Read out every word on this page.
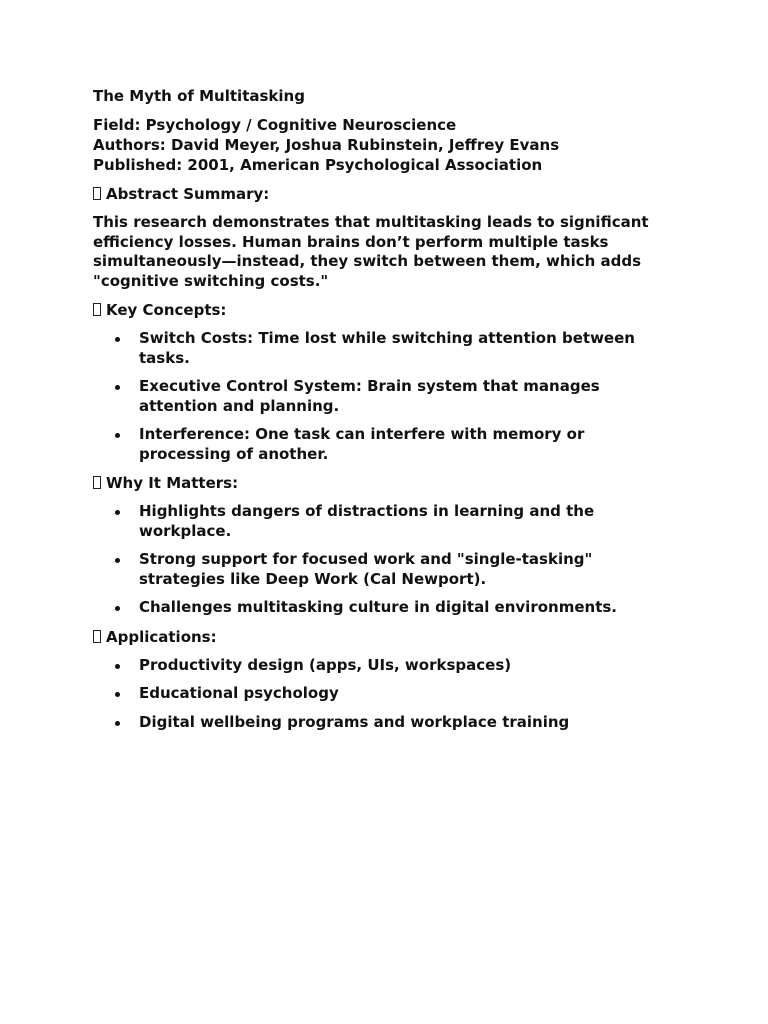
The Myth of Multitasking
Field: Psychology / Cognitive Neuroscience
Authors: David Meyer, Joshua Rubinstein, Jeffrey Evans
Published: 2001, American Psychological Association
Abstract Summary:
This research demonstrates that multitasking leads to significant efficiency losses. Human brains don’t perform multiple tasks simultaneously—instead, they switch between them, which adds "cognitive switching costs."
Key Concepts:
Switch Costs: Time lost while switching attention between tasks.
Executive Control System: Brain system that manages attention and planning.
Interference: One task can interfere with memory or processing of another.
Why It Matters:
Highlights dangers of distractions in learning and the workplace.
Strong support for focused work and "single-tasking" strategies like Deep Work (Cal Newport).
Challenges multitasking culture in digital environments.
Applications:
Productivity design (apps, UIs, workspaces)
Educational psychology
Digital wellbeing programs and workplace training
